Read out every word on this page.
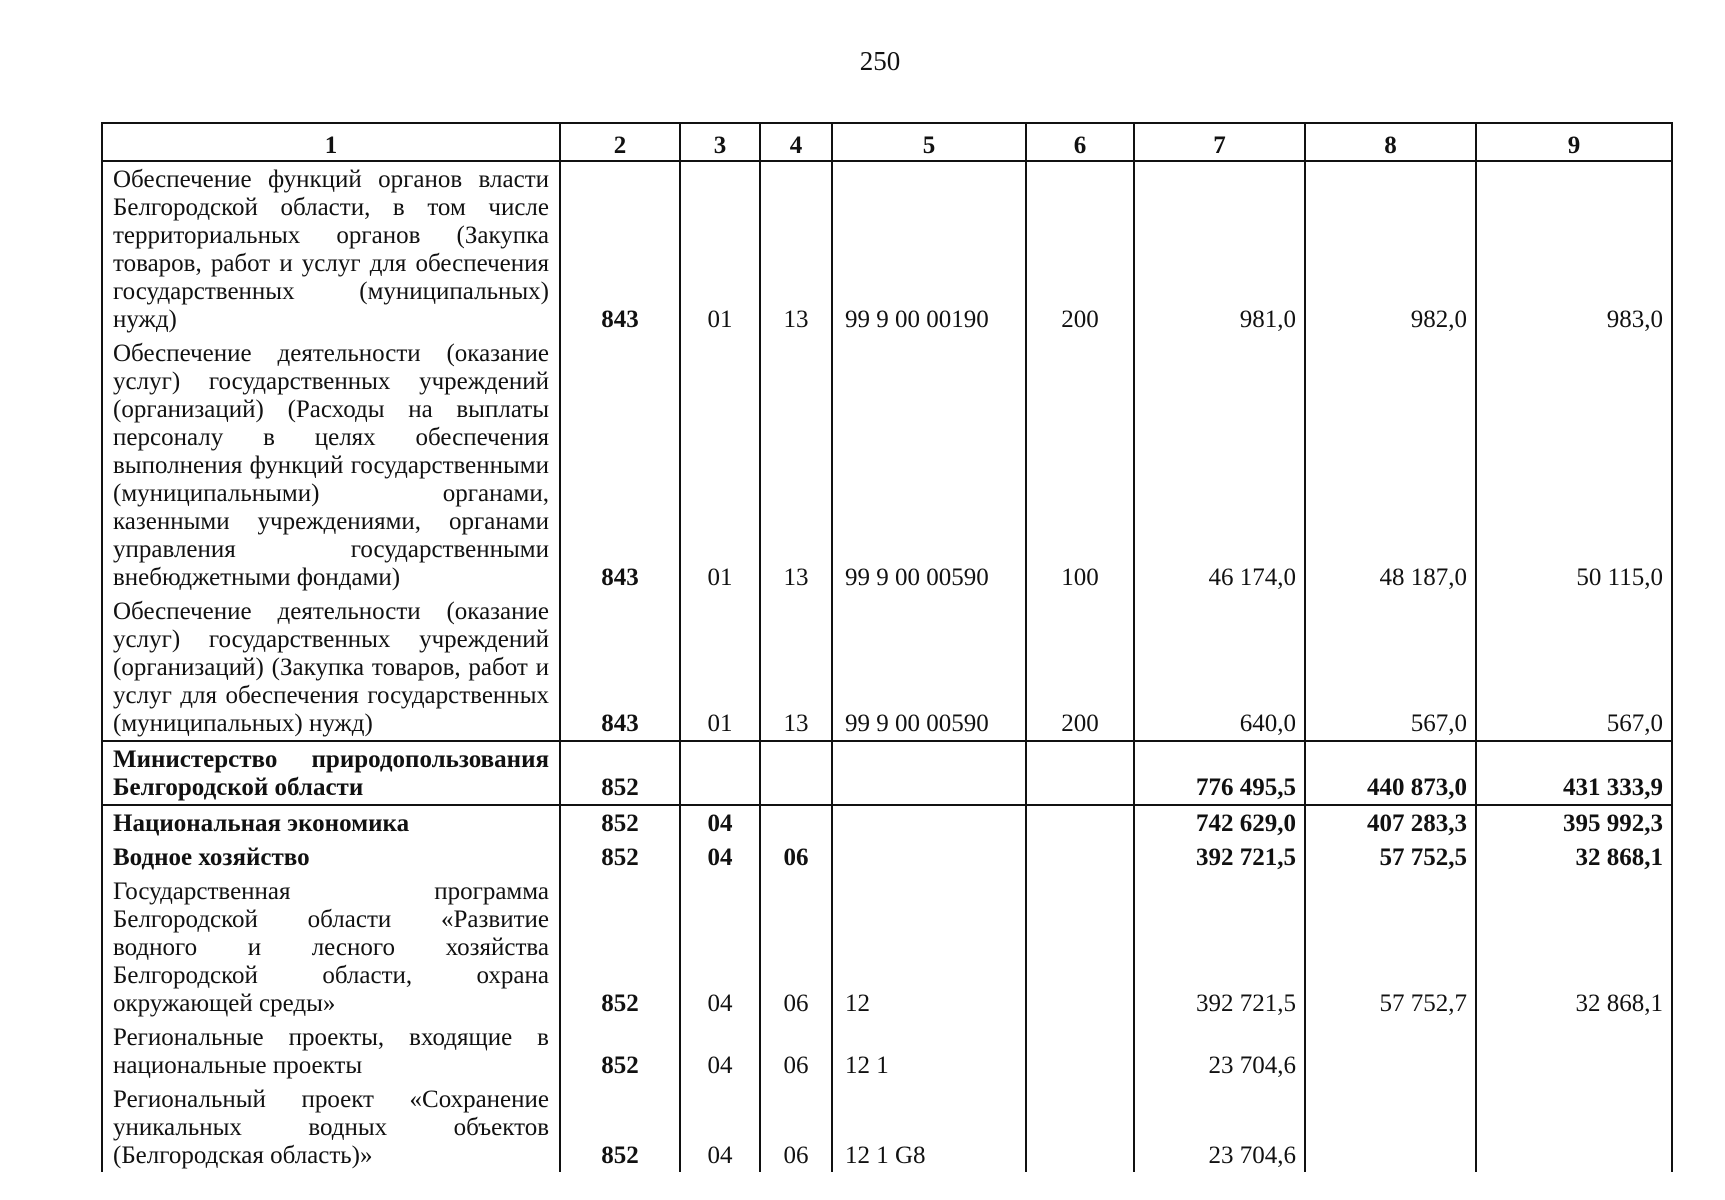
250
1	2	3	4	5	6	7	8	9
Обеспечение функций органов власти Белгородской области, в том числе территориальных органов (Закупка товаров, работ и услуг для обеспечения государственных (муниципальных) нужд)	843	01	13	99 9 00 00190	200	981,0	982,0	983,0
Обеспечение деятельности (оказание услуг) государственных учреждений (организаций) (Расходы на выплаты персоналу в целях обеспечения выполнения функций государственными (муниципальными) органами, казенными учреждениями, органами управления государственными внебюджетными фондами)	843	01	13	99 9 00 00590	100	46 174,0	48 187,0	50 115,0
Обеспечение деятельности (оказание услуг) государственных учреждений (организаций) (Закупка товаров, работ и услуг для обеспечения государственных (муниципальных) нужд)	843	01	13	99 9 00 00590	200	640,0	567,0	567,0
Министерство природопользования Белгородской области	852					776 495,5	440 873,0	431 333,9
Национальная экономика	852	04				742 629,0	407 283,3	395 992,3
Водное хозяйство	852	04	06			392 721,5	57 752,5	32 868,1
Государственная программа Белгородской области «Развитие водного и лесного хозяйства Белгородской области, охрана окружающей среды»	852	04	06	12		392 721,5	57 752,7	32 868,1
Региональные проекты, входящие в национальные проекты	852	04	06	12 1		23 704,6		
Региональный проект «Сохранение уникальных водных объектов (Белгородская область)»	852	04	06	12 1 G8		23 704,6		
